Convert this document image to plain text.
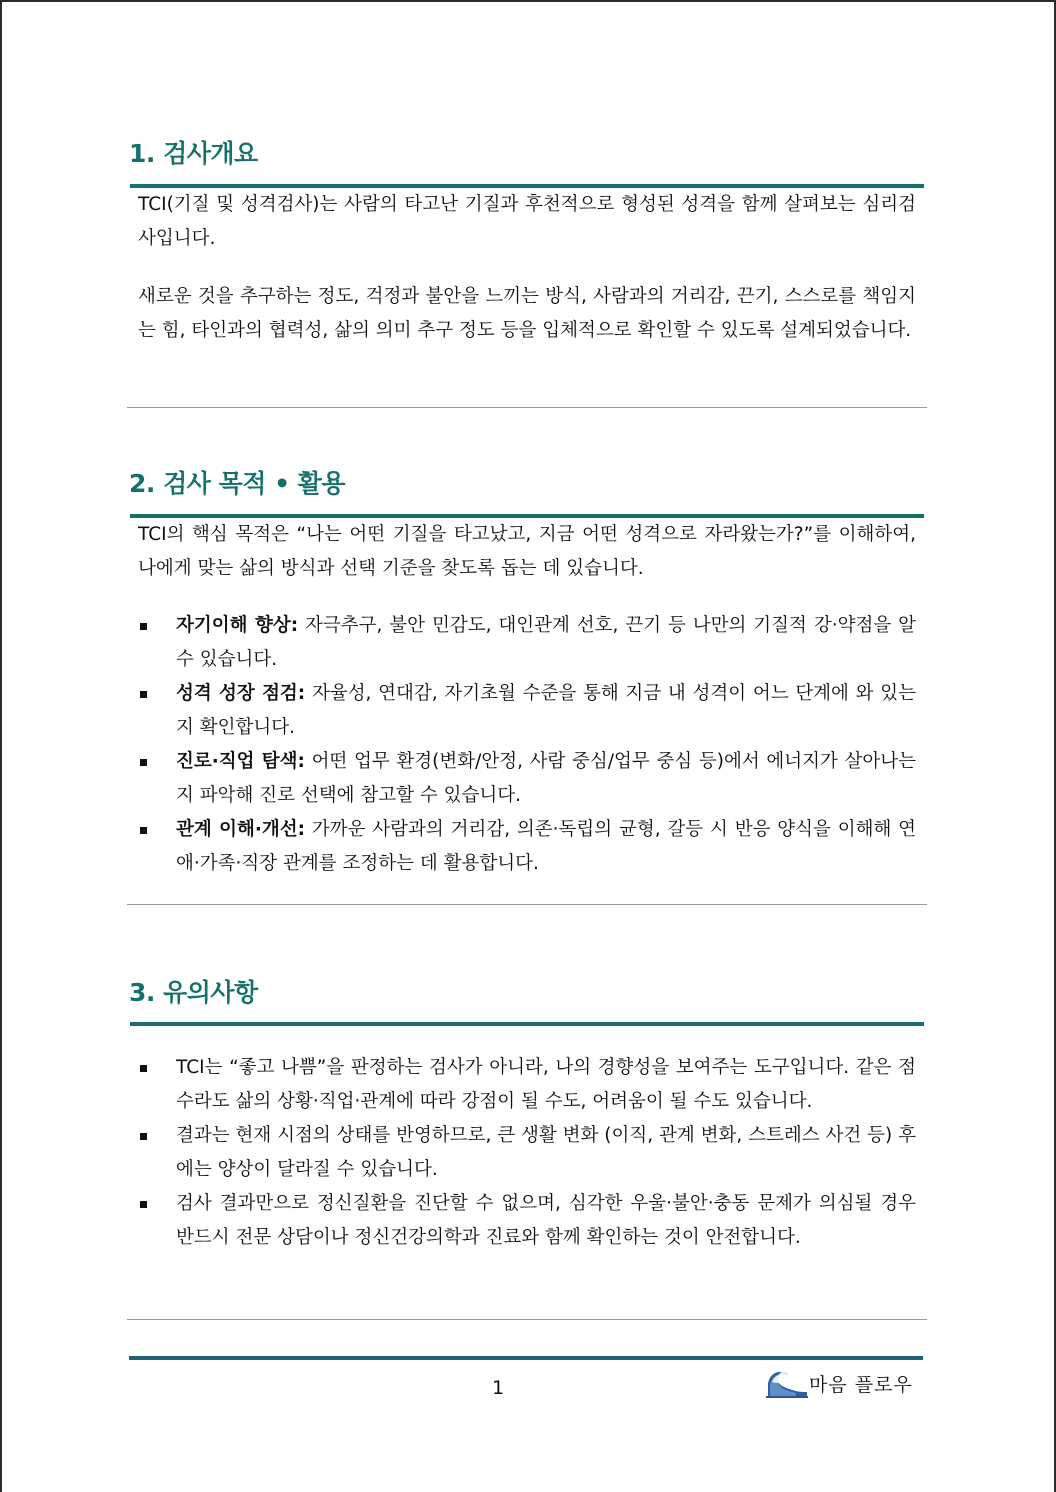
1. 검사개요

TCI(기질 및 성격검사)는 사람의 타고난 기질과 후천적으로 형성된 성격을 함께 살펴보는 심리검사입니다.

새로운 것을 추구하는 정도, 걱정과 불안을 느끼는 방식, 사람과의 거리감, 끈기, 스스로를 책임지는 힘, 타인과의 협력성, 삶의 의미 추구 정도 등을 입체적으로 확인할 수 있도록 설계되었습니다.

2. 검사 목적 • 활용

TCI의 핵심 목적은 “나는 어떤 기질을 타고났고, 지금 어떤 성격으로 자라왔는가?”를 이해하여, 나에게 맞는 삶의 방식과 선택 기준을 찾도록 돕는 데 있습니다.

자기이해 향상: 자극추구, 불안 민감도, 대인관계 선호, 끈기 등 나만의 기질적 강·약점을 알 수 있습니다.
성격 성장 점검: 자율성, 연대감, 자기초월 수준을 통해 지금 내 성격이 어느 단계에 와 있는지 확인합니다.
진로·직업 탐색: 어떤 업무 환경(변화/안정, 사람 중심/업무 중심 등)에서 에너지가 살아나는지 파악해 진로 선택에 참고할 수 있습니다.
관계 이해·개선: 가까운 사람과의 거리감, 의존·독립의 균형, 갈등 시 반응 양식을 이해해 연애·가족·직장 관계를 조정하는 데 활용합니다.
3. 유의사항
TCI는 “좋고 나쁨”을 판정하는 검사가 아니라, 나의 경향성을 보여주는 도구입니다. 같은 점수라도 삶의 상황·직업·관계에 따라 강점이 될 수도, 어려움이 될 수도 있습니다.
결과는 현재 시점의 상태를 반영하므로, 큰 생활 변화 (이직, 관계 변화, 스트레스 사건 등) 후에는 양상이 달라질 수 있습니다.
검사 결과만으로 정신질환을 진단할 수 없으며, 심각한 우울·불안·충동 문제가 의심될 경우 반드시 전문 상담이나 정신건강의학과 진료와 함께 확인하는 것이 안전합니다.
1	마음 플로우
